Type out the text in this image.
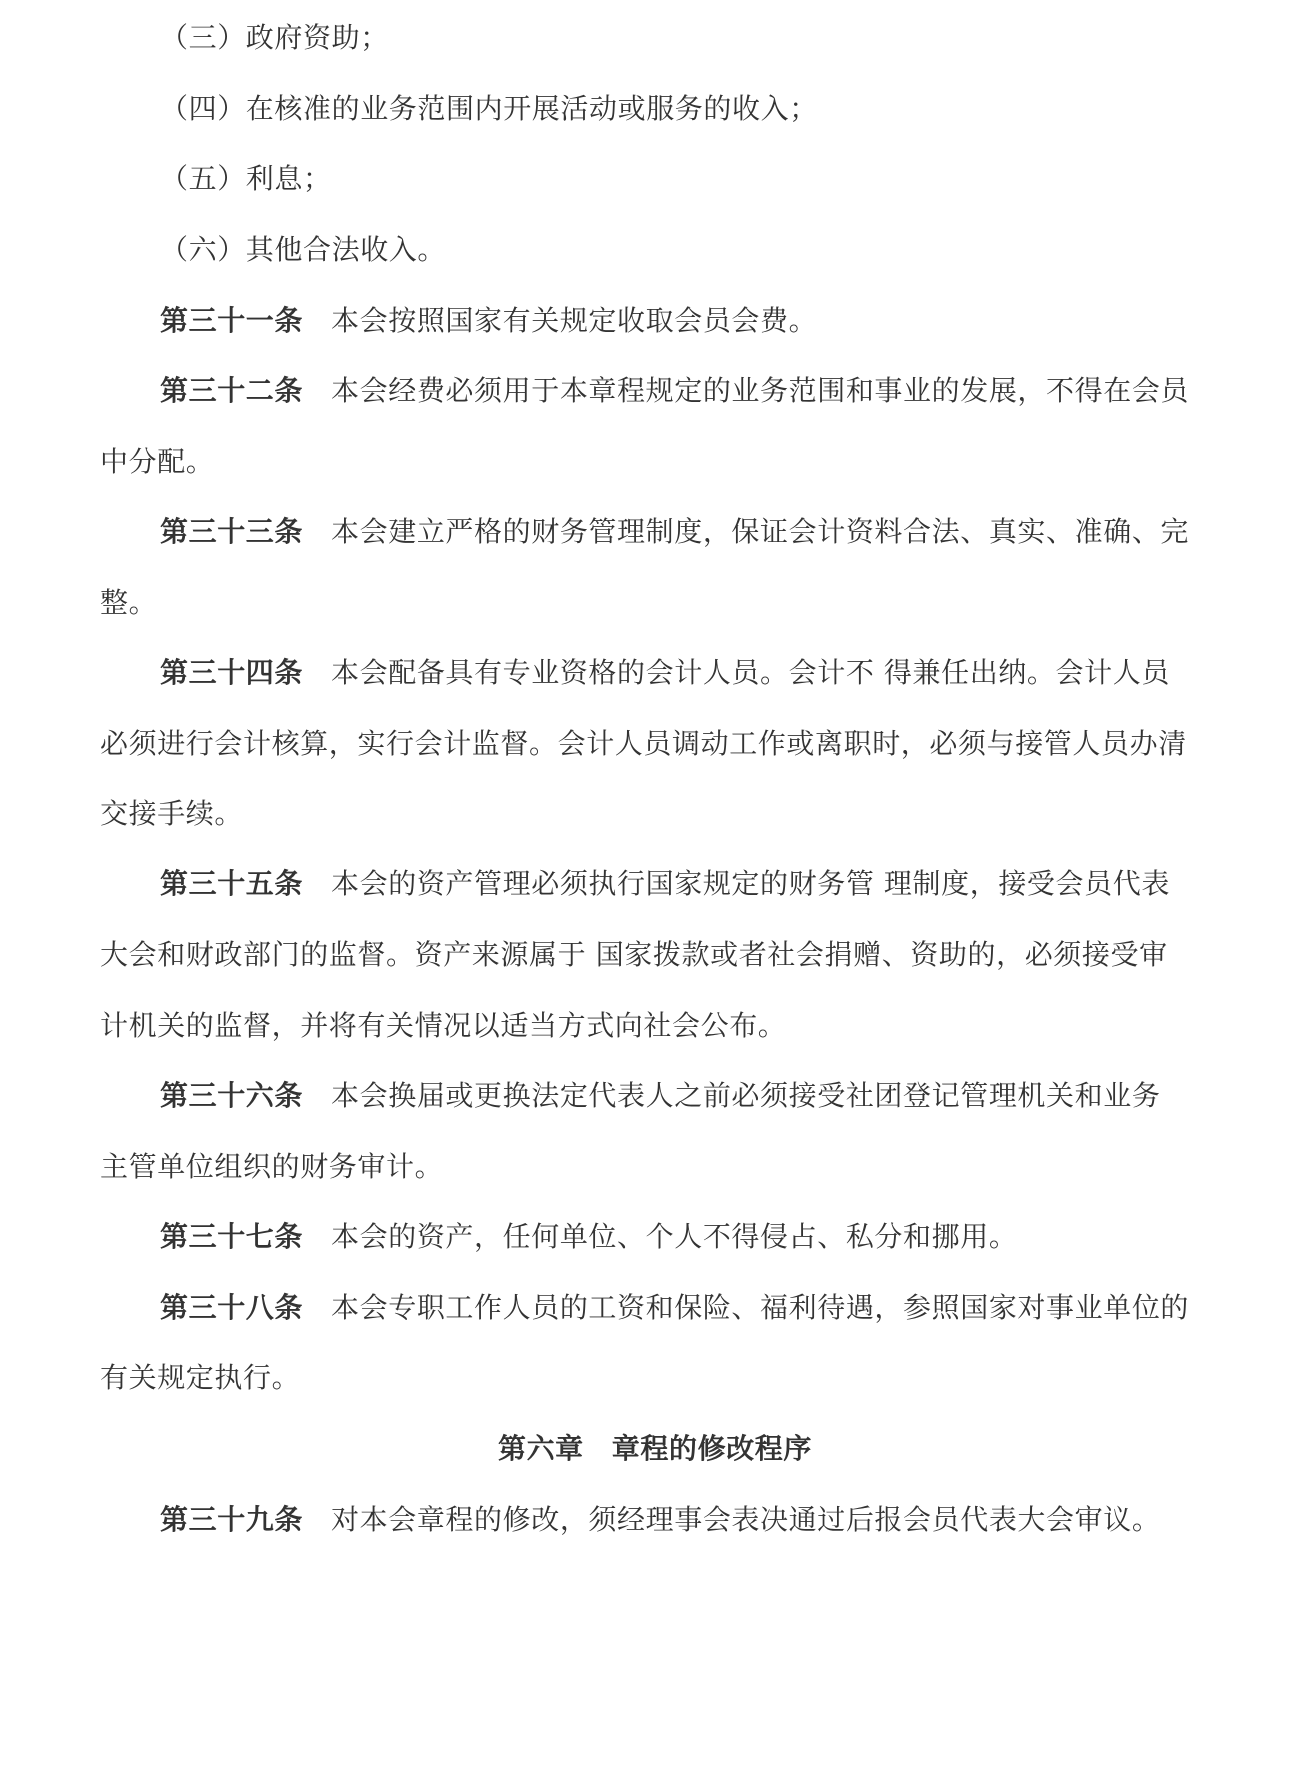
（三）政府资助；
（四）在核准的业务范围内开展活动或服务的收入；
（五）利息；
（六）其他合法收入。
第三十一条 本会按照国家有关规定收取会员会费。
第三十二条 本会经费必须用于本章程规定的业务范围和事业的发展，不得在会员
中分配。
第三十三条 本会建立严格的财务管理制度，保证会计资料合法、真实、准确、完
整。
第三十四条 本会配备具有专业资格的会计人员。会计不 得兼任出纳。会计人员
必须进行会计核算，实行会计监督。会计人员调动工作或离职时，必须与接管人员办清
交接手续。
第三十五条 本会的资产管理必须执行国家规定的财务管 理制度，接受会员代表
大会和财政部门的监督。资产来源属于 国家拨款或者社会捐赠、资助的，必须接受审
计机关的监督，并将有关情况以适当方式向社会公布。
第三十六条 本会换届或更换法定代表人之前必须接受社团登记管理机关和业务
主管单位组织的财务审计。
第三十七条 本会的资产，任何单位、个人不得侵占、私分和挪用。
第三十八条 本会专职工作人员的工资和保险、福利待遇，参照国家对事业单位的
有关规定执行。
第六章 章程的修改程序
第三十九条 对本会章程的修改，须经理事会表决通过后报会员代表大会审议。
